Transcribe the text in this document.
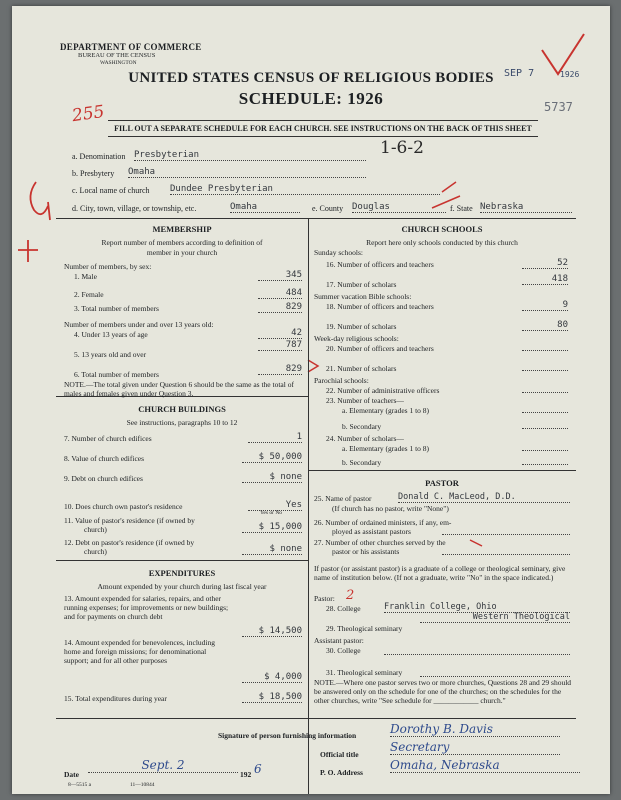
DEPARTMENT OF COMMERCE
BUREAU OF THE CENSUS
WASHINGTON
UNITED STATES CENSUS OF RELIGIOUS BODIES
SCHEDULE: 1926
SEP 7	1926
5737
255
FILL OUT A SEPARATE SCHEDULE FOR EACH CHURCH. SEE INSTRUCTIONS ON THE BACK OF THIS SHEET
1-6-2
a. Denomination Presbyterian
b. Presbytery Omaha
c. Local name of church Dundee Presbyterian
d. City, town, village, or township, etc.	Omaha	e. County Douglas	f. State Nebraska
MEMBERSHIP
Report number of members according to definition of
member in your church
Number of members, by sex:
1. Male	345
2. Female	484
3. Total number of members	829
Number of members under and over 13 years old:
4. Under 13 years of age	42
5. 13 years old and over
787
6. Total number of members
829
NOTE.—The total given under Question 6 should be the same as the total of males and females given under Question 3.
CHURCH BUILDINGS
See instructions, paragraphs 10 to 12
7. Number of church edifices	1
8. Value of church edifices	$ 50,000
9. Debt on church edifices	$ none
10. Does church own pastor's residence	Yes
Yes or No
11. Value of pastor's residence (if owned by
church)	$ 15,000
12. Debt on pastor's residence (if owned by
church)	$ none
EXPENDITURES
Amount expended by your church during last fiscal year
13. Amount expended for salaries, repairs, and other running expenses; for improvements or new buildings; and for payments on church debt
$ 14,500
14. Amount expended for benevolences, including home and foreign missions; for denominational support; and for all other purposes
$ 4,000
15. Total expenditures during year	$ 18,500
CHURCH SCHOOLS
Report here only schools conducted by this church
Sunday schools:
16. Number of officers and teachers	52
17. Number of scholars
418
Summer vacation Bible schools:
18. Number of officers and teachers	9
19. Number of scholars	80
Week-day religious schools:
20. Number of officers and teachers
21. Number of scholars
Parochial schools:
22. Number of administrative officers
23. Number of teachers—
a. Elementary (grades 1 to 8)
b. Secondary
24. Number of scholars—
a. Elementary (grades 1 to 8)
b. Secondary
PASTOR
25. Name of pastor	Donald C. MacLeod, D.D.
(If church has no pastor, write "None")
26. Number of ordained ministers, if any, em-
ployed as assistant pastors
27. Number of other churches served by the
pastor or his assistants
If pastor (or assistant pastor) is a graduate of a college or theological seminary, give name of institution below. (If not a graduate, write "No" in the space indicated.)
Pastor: 2
28. College	Franklin College, Ohio
29. Theological seminary
Western Theological
Assistant pastor:
30. College
31. Theological seminary
NOTE.—Where one pastor serves two or more churches, Questions 28 and 29 should be answered only on the schedule for one of the churches; on the schedules for the other churches, write "See schedule for ____________ church."
Signature of person furnishing information	Dorothy B. Davis
Official title
Secretary
Date
Sept. 2
192 6	P. O. Address
Omaha, Nebraska
8—5515 a	11—10844
